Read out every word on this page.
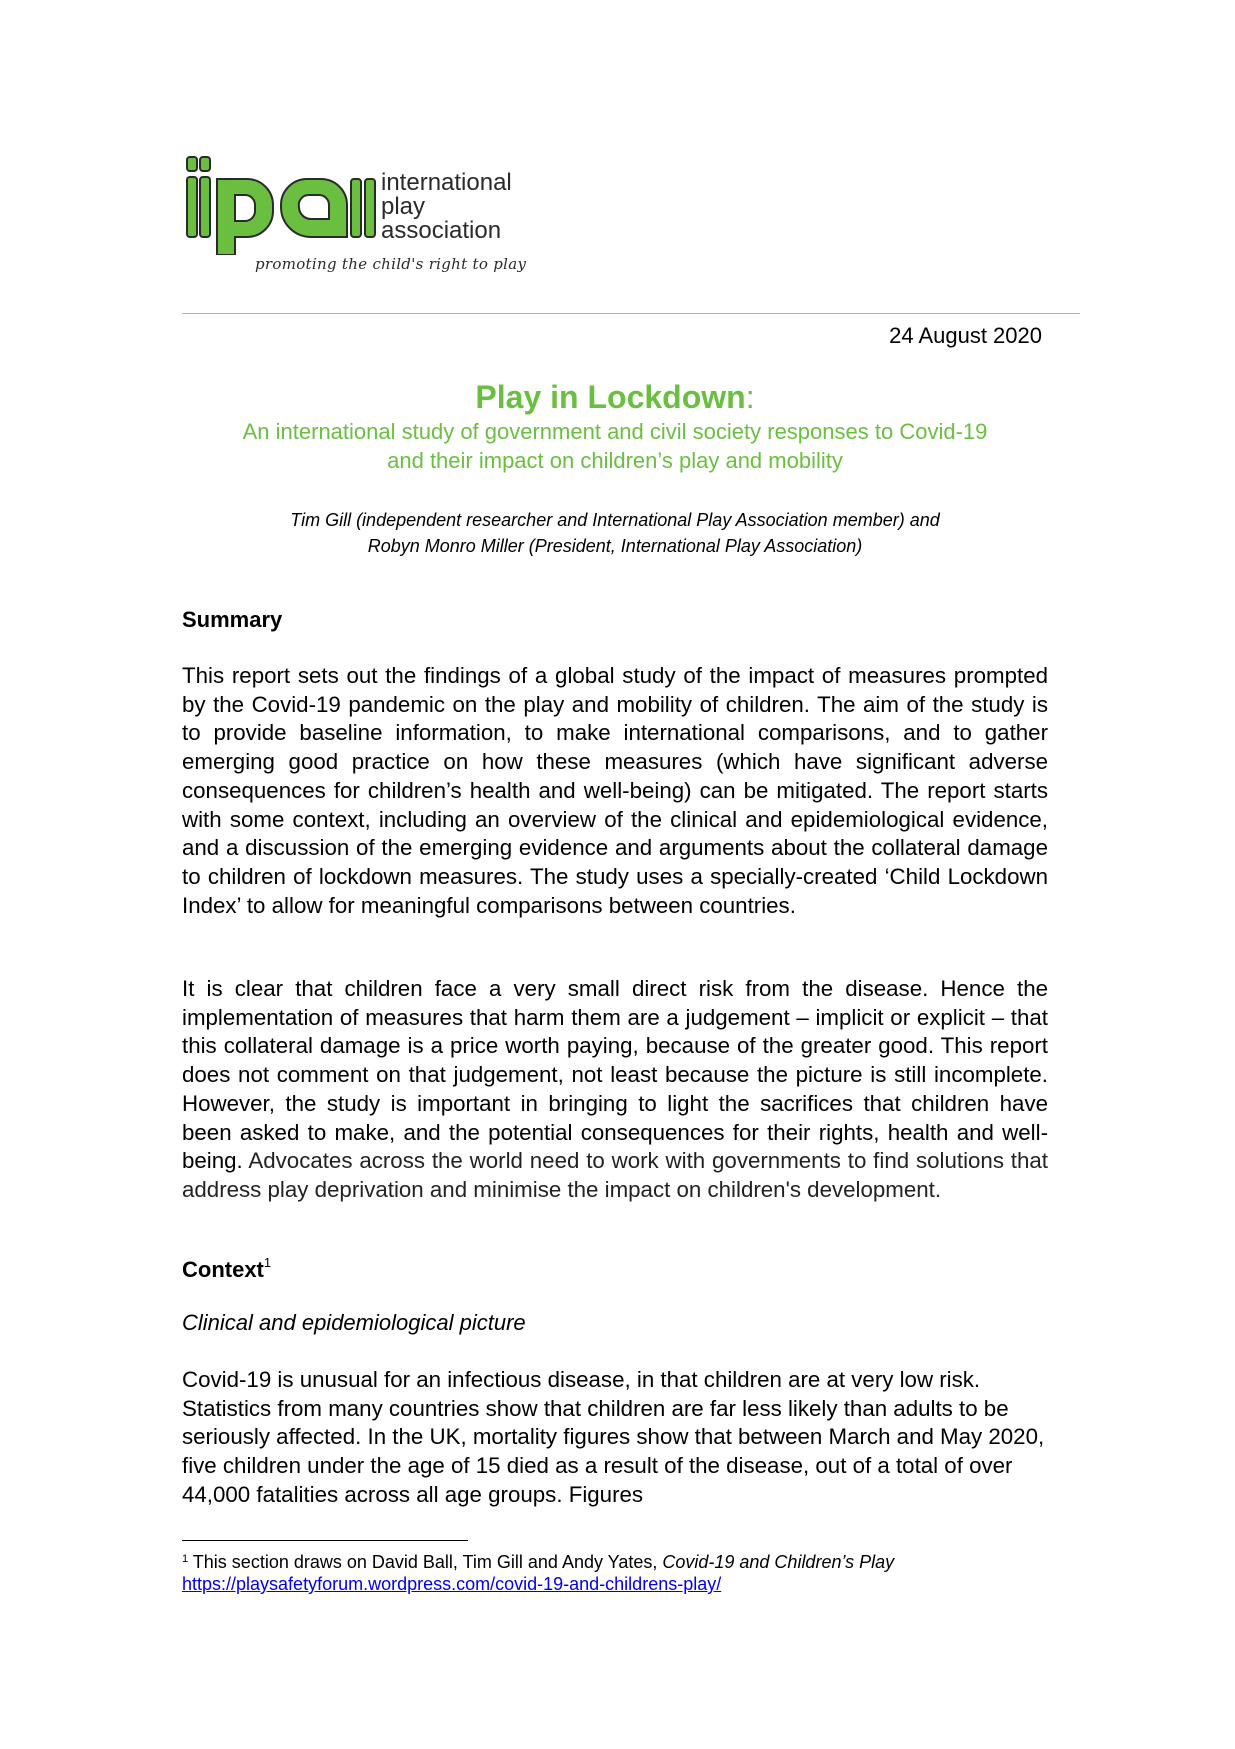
international
play
association
promoting the child's right to play
24 August 2020
Play in Lockdown:
An international study of government and civil society responses to Covid-19
and their impact on children’s play and mobility
Tim Gill (independent researcher and International Play Association member) and
Robyn Monro Miller (President, International Play Association)
Summary
This report sets out the findings of a global study of the impact of measures prompted by the Covid-19 pandemic on the play and mobility of children. The aim of the study is to provide baseline information, to make international comparisons, and to gather emerging good practice on how these measures (which have significant adverse consequences for children’s health and well-being) can be mitigated. The report starts with some context, including an overview of the clinical and epidemiological evidence, and a discussion of the emerging evidence and arguments about the collateral damage to children of lockdown measures. The study uses a specially-created ‘Child Lockdown Index’ to allow for meaningful comparisons between countries.
It is clear that children face a very small direct risk from the disease. Hence the implementation of measures that harm them are a judgement – implicit or explicit – that this collateral damage is a price worth paying, because of the greater good. This report does not comment on that judgement, not least because the picture is still incomplete. However, the study is important in bringing to light the sacrifices that children have been asked to make, and the potential consequences for their rights, health and well-being. Advocates across the world need to work with governments to find solutions that address play deprivation and minimise the impact on children's development.
Context$^1$
Clinical and epidemiological picture
Covid-19 is unusual for an infectious disease, in that children are at very low risk. Statistics from many countries show that children are far less likely than adults to be seriously affected. In the UK, mortality figures show that between March and May 2020, five children under the age of 15 died as a result of the disease, out of a total of over 44,000 fatalities across all age groups. Figures
$^1$ This section draws on David Ball, Tim Gill and Andy Yates, Covid-19 and Children’s Play
https://playsafetyforum.wordpress.com/covid-19-and-childrens-play/
